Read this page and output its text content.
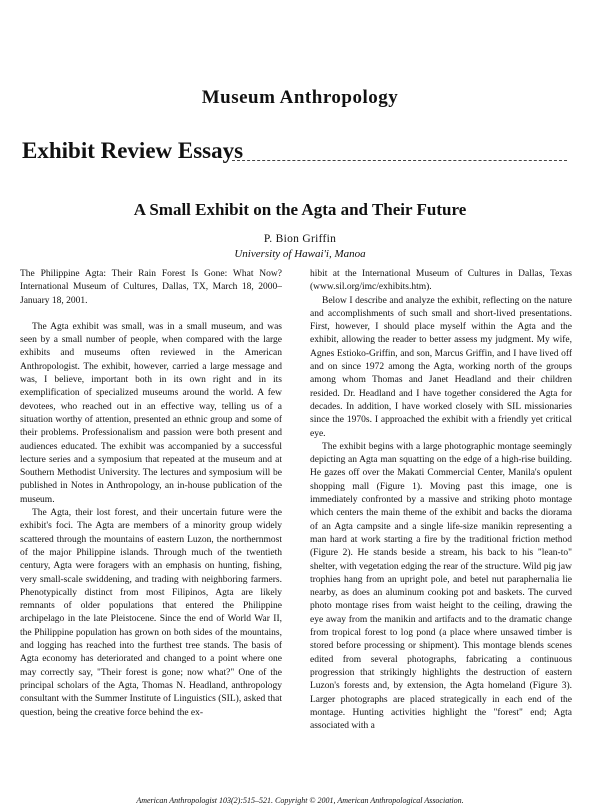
Museum Anthropology
Exhibit Review Essays
A Small Exhibit on the Agta and Their Future
P. Bion Griffin
University of Hawai'i, Manoa

The Philippine Agta: Their Rain Forest Is Gone: What Now? International Museum of Cultures, Dallas, TX, March 18, 2000–January 18, 2001.

The Agta exhibit was small, was in a small museum, and was seen by a small number of people, when compared with the large exhibits and museums often reviewed in the American Anthropologist. The exhibit, however, carried a large message and was, I believe, important both in its own right and in its exemplification of specialized museums around the world. A few devotees, who reached out in an effective way, telling us of a situation worthy of attention, presented an ethnic group and some of their problems. Professionalism and passion were both present and audiences educated. The exhibit was accompanied by a successful lecture series and a symposium that repeated at the museum and at Southern Methodist University. The lectures and symposium will be published in Notes in Anthropology, an in-house publication of the museum.

The Agta, their lost forest, and their uncertain future were the exhibit's foci. The Agta are members of a minority group widely scattered through the mountains of eastern Luzon, the northernmost of the major Philippine islands. Through much of the twentieth century, Agta were foragers with an emphasis on hunting, fishing, very small-scale swiddening, and trading with neighboring farmers. Phenotypically distinct from most Filipinos, Agta are likely remnants of older populations that entered the Philippine archipelago in the late Pleistocene. Since the end of World War II, the Philippine population has grown on both sides of the mountains, and logging has reached into the furthest tree stands. The basis of Agta economy has deteriorated and changed to a point where one may correctly say, "Their forest is gone; now what?" One of the principal scholars of the Agta, Thomas N. Headland, anthropology consultant with the Summer Institute of Linguistics (SIL), asked that question, being the creative force behind the ex-

hibit at the International Museum of Cultures in Dallas, Texas (www.sil.org/imc/exhibits.htm).

Below I describe and analyze the exhibit, reflecting on the nature and accomplishments of such small and short-lived presentations. First, however, I should place myself within the Agta and the exhibit, allowing the reader to better assess my judgment. My wife, Agnes Estioko-Griffin, and son, Marcus Griffin, and I have lived off and on since 1972 among the Agta, working north of the groups among whom Thomas and Janet Headland and their children resided. Dr. Headland and I have together considered the Agta for decades. In addition, I have worked closely with SIL missionaries since the 1970s. I approached the exhibit with a friendly yet critical eye.

The exhibit begins with a large photographic montage seemingly depicting an Agta man squatting on the edge of a high-rise building. He gazes off over the Makati Commercial Center, Manila's opulent shopping mall (Figure 1). Moving past this image, one is immediately confronted by a massive and striking photo montage which centers the main theme of the exhibit and backs the diorama of an Agta campsite and a single life-size manikin representing a man hard at work starting a fire by the traditional friction method (Figure 2). He stands beside a stream, his back to his "lean-to" shelter, with vegetation edging the rear of the structure. Wild pig jaw trophies hang from an upright pole, and betel nut paraphernalia lie nearby, as does an aluminum cooking pot and baskets. The curved photo montage rises from waist height to the ceiling, drawing the eye away from the manikin and artifacts and to the dramatic change from tropical forest to log pond (a place where unsawed timber is stored before processing or shipment). This montage blends scenes edited from several photographs, fabricating a continuous progression that strikingly highlights the destruction of eastern Luzon's forests and, by extension, the Agta homeland (Figure 3). Larger photographs are placed strategically in each end of the montage. Hunting activities highlight the "forest" end; Agta associated with a

American Anthropologist 103(2):515–521. Copyright © 2001, American Anthropological Association.
